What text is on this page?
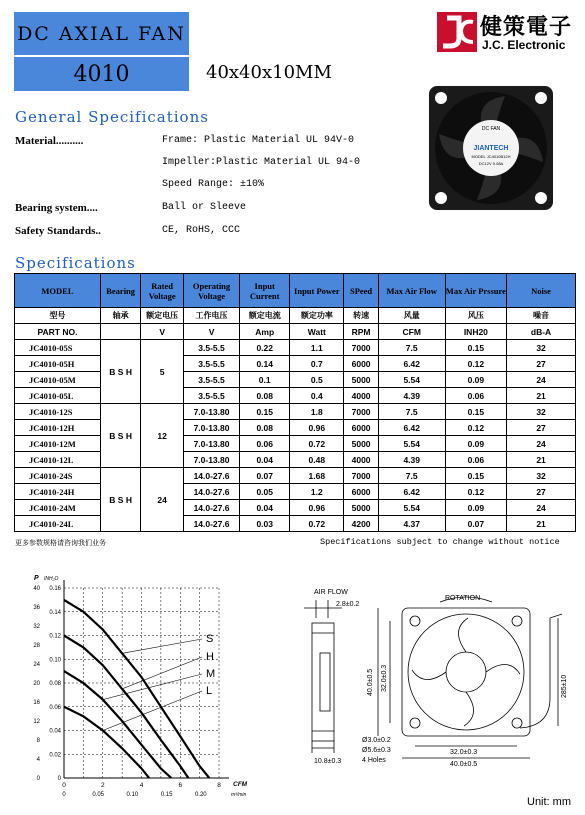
DC AXIAL FAN
4010	40x40x10MM
健策電子
J.C. Electronic
General Specifications
Material..........	Frame: Plastic Material UL 94V-0
Impeller:Plastic Material UL 94-0
Speed Range: ±10%
Bearing system....	Ball or Sleeve
Safety Standards..	CE, RoHS, CCC
DC FAN
JIANTECH
MODEL JC4010B12H
DC12V 0.08A
Specifications
MODEL	Bearing	Rated Voltage	Operating Voltage	Input Current	Input Power	SPeed	Max Air Flow	Max Air Prssure	Noise
型号	轴承	额定电压	工作电压	额定电流	额定功率	转速	风量	风压	噪音
PART NO.		V	V	Amp	Watt	RPM	CFM	INH20	dB-A
JC4010-05S	B S H	5	3.5-5.5	0.22	1.1	7000	7.5	0.15	32
JC4010-05H			3.5-5.5	0.14	0.7	6000	6.42	0.12	27
JC4010-05M			3.5-5.5	0.1	0.5	5000	5.54	0.09	24
JC4010-05L			3.5-5.5	0.08	0.4	4000	4.39	0.06	21
JC4010-12S	B S H	12	7.0-13.80	0.15	1.8	7000	7.5	0.15	32
JC4010-12H			7.0-13.80	0.08	0.96	6000	6.42	0.12	27
JC4010-12M			7.0-13.80	0.06	0.72	5000	5.54	0.09	24
JC4010-12L			7.0-13.80	0.04	0.48	4000	4.39	0.06	21
JC4010-24S	B S H	24	14.0-27.6	0.07	1.68	7000	7.5	0.15	32
JC4010-24H			14.0-27.6	0.05	1.2	6000	6.42	0.12	27
JC4010-24M			14.0-27.6	0.04	0.96	5000	5.54	0.09	24
JC4010-24L			14.0-27.6	0.03	0.72	4200	4.37	0.07	21
更多参数规格请咨询我们业务	Specifications subject to change without notice
0
0.02
0.04
0.06
0.08
0.10
0.12
0.14
0.16
0
4
8
12
16
20
24
28
32
36
40
0	2	4	6	8
0	0.05	0.10	0.15	0.20
CFM
m³/min
P INH₂O
S
H
M
L
AIR FLOW
2.8±0.2
10.8±0.3
ROTATION
40.0±0.5 32.0±0.3	285±10
Ø3.0±0.2
Ø5.6±0.3
4 Holes
32.0±0.3
40.0±0.5
Unit: mm
